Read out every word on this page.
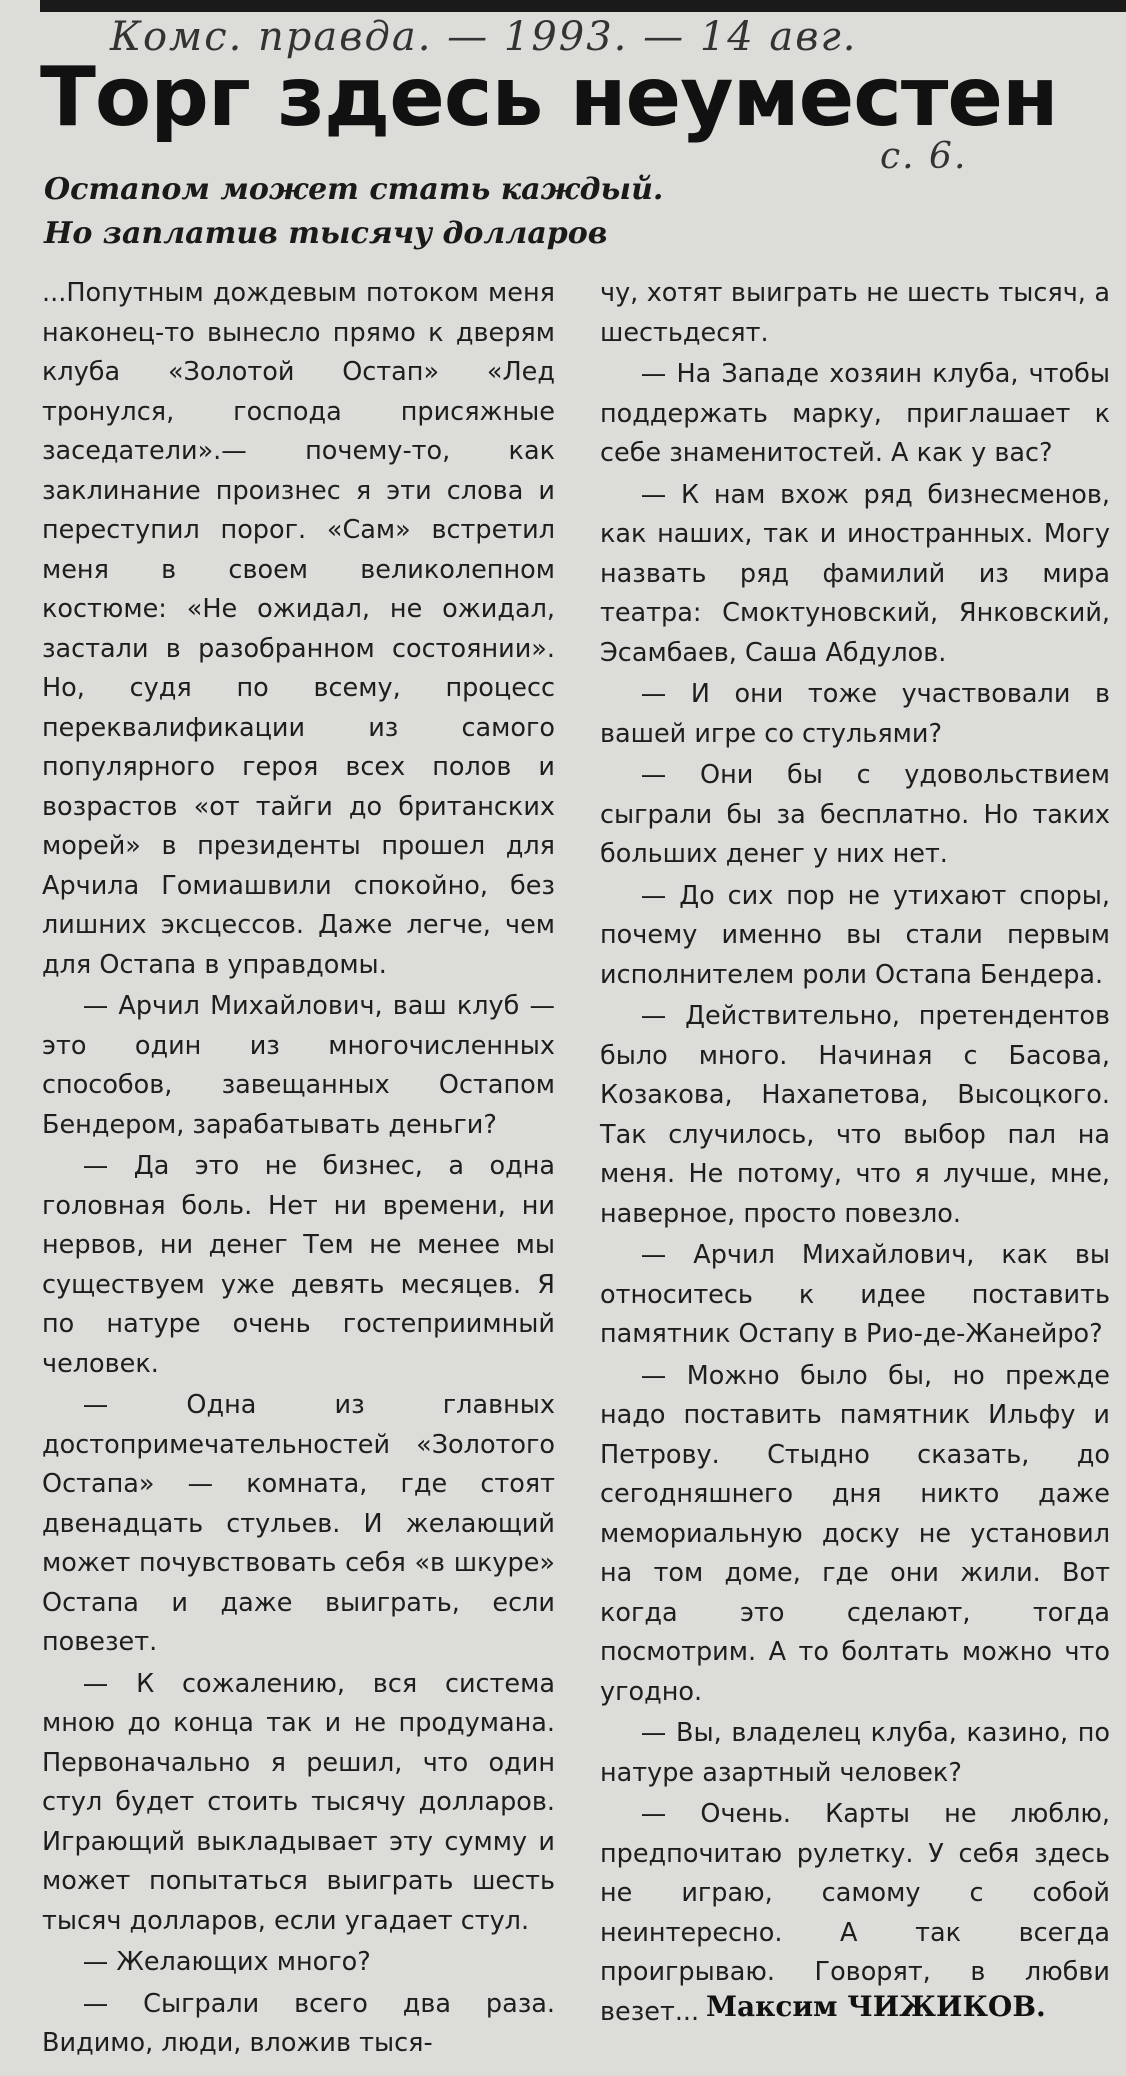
Комс. правда. — 1993. — 14 авг.
с. 6.
Торг здесь неуместен
Остапом может стать каждый.
Но заплатив тысячу долларов

...Попутным дождевым потоком меня наконец-то вынесло прямо к дверям клуба «Золотой Остап» «Лед тронулся, господа присяжные заседатели».— почему-то, как заклинание произнес я эти слова и переступил порог. «Сам» встретил меня в своем великолепном костюме: «Не ожидал, не ожидал, застали в разобранном состоянии». Но, судя по всему, процесс переквалификации из самого популярного героя всех полов и возрастов «от тайги до британских морей» в президенты прошел для Арчила Гомиашвили спокойно, без лишних эксцессов. Даже легче, чем для Остапа в управдомы.

— Арчил Михайлович, ваш клуб — это один из многочисленных способов, завещанных Остапом Бендером, зарабатывать деньги?

— Да это не бизнес, а одна головная боль. Нет ни времени, ни нервов, ни денег Тем не менее мы существуем уже девять месяцев. Я по натуре очень гостеприимный человек.

— Одна из главных достопримечательностей «Золотого Остапа» — комната, где стоят двенадцать стульев. И желающий может почувствовать себя «в шкуре» Остапа и даже выиграть, если повезет.

— К сожалению, вся система мною до конца так и не продумана. Первоначально я решил, что один стул будет стоить тысячу долларов. Играющий выкладывает эту сумму и может попытаться выиграть шесть тысяч долларов, если угадает стул.

— Желающих много?

— Сыграли всего два раза. Видимо, люди, вложив тыся-

чу, хотят выиграть не шесть тысяч, а шестьдесят.

— На Западе хозяин клуба, чтобы поддержать марку, приглашает к себе знаменитостей. А как у вас?

— К нам вхож ряд бизнесменов, как наших, так и иностранных. Могу назвать ряд фамилий из мира театра: Смоктуновский, Янковский, Эсамбаев, Саша Абдулов.

— И они тоже участвовали в вашей игре со стульями?

— Они бы с удовольствием сыграли бы за бесплатно. Но таких больших денег у них нет.

— До сих пор не утихают споры, почему именно вы стали первым исполнителем роли Остапа Бендера.

— Действительно, претендентов было много. Начиная с Басова, Козакова, Нахапетова, Высоцкого. Так случилось, что выбор пал на меня. Не потому, что я лучше, мне, наверное, просто повезло.

— Арчил Михайлович, как вы относитесь к идее поставить памятник Остапу в Рио-де-Жанейро?

— Можно было бы, но прежде надо поставить памятник Ильфу и Петрову. Стыдно сказать, до сегодняшнего дня никто даже мемориальную доску не установил на том доме, где они жили. Вот когда это сделают, тогда посмотрим. А то болтать можно что угодно.

— Вы, владелец клуба, казино, по натуре азартный человек?

— Очень. Карты не люблю, предпочитаю рулетку. У себя здесь не играю, самому с собой неинтересно. А так всегда проигрываю. Говорят, в любви везет... Максим ЧИЖИКОВ.
